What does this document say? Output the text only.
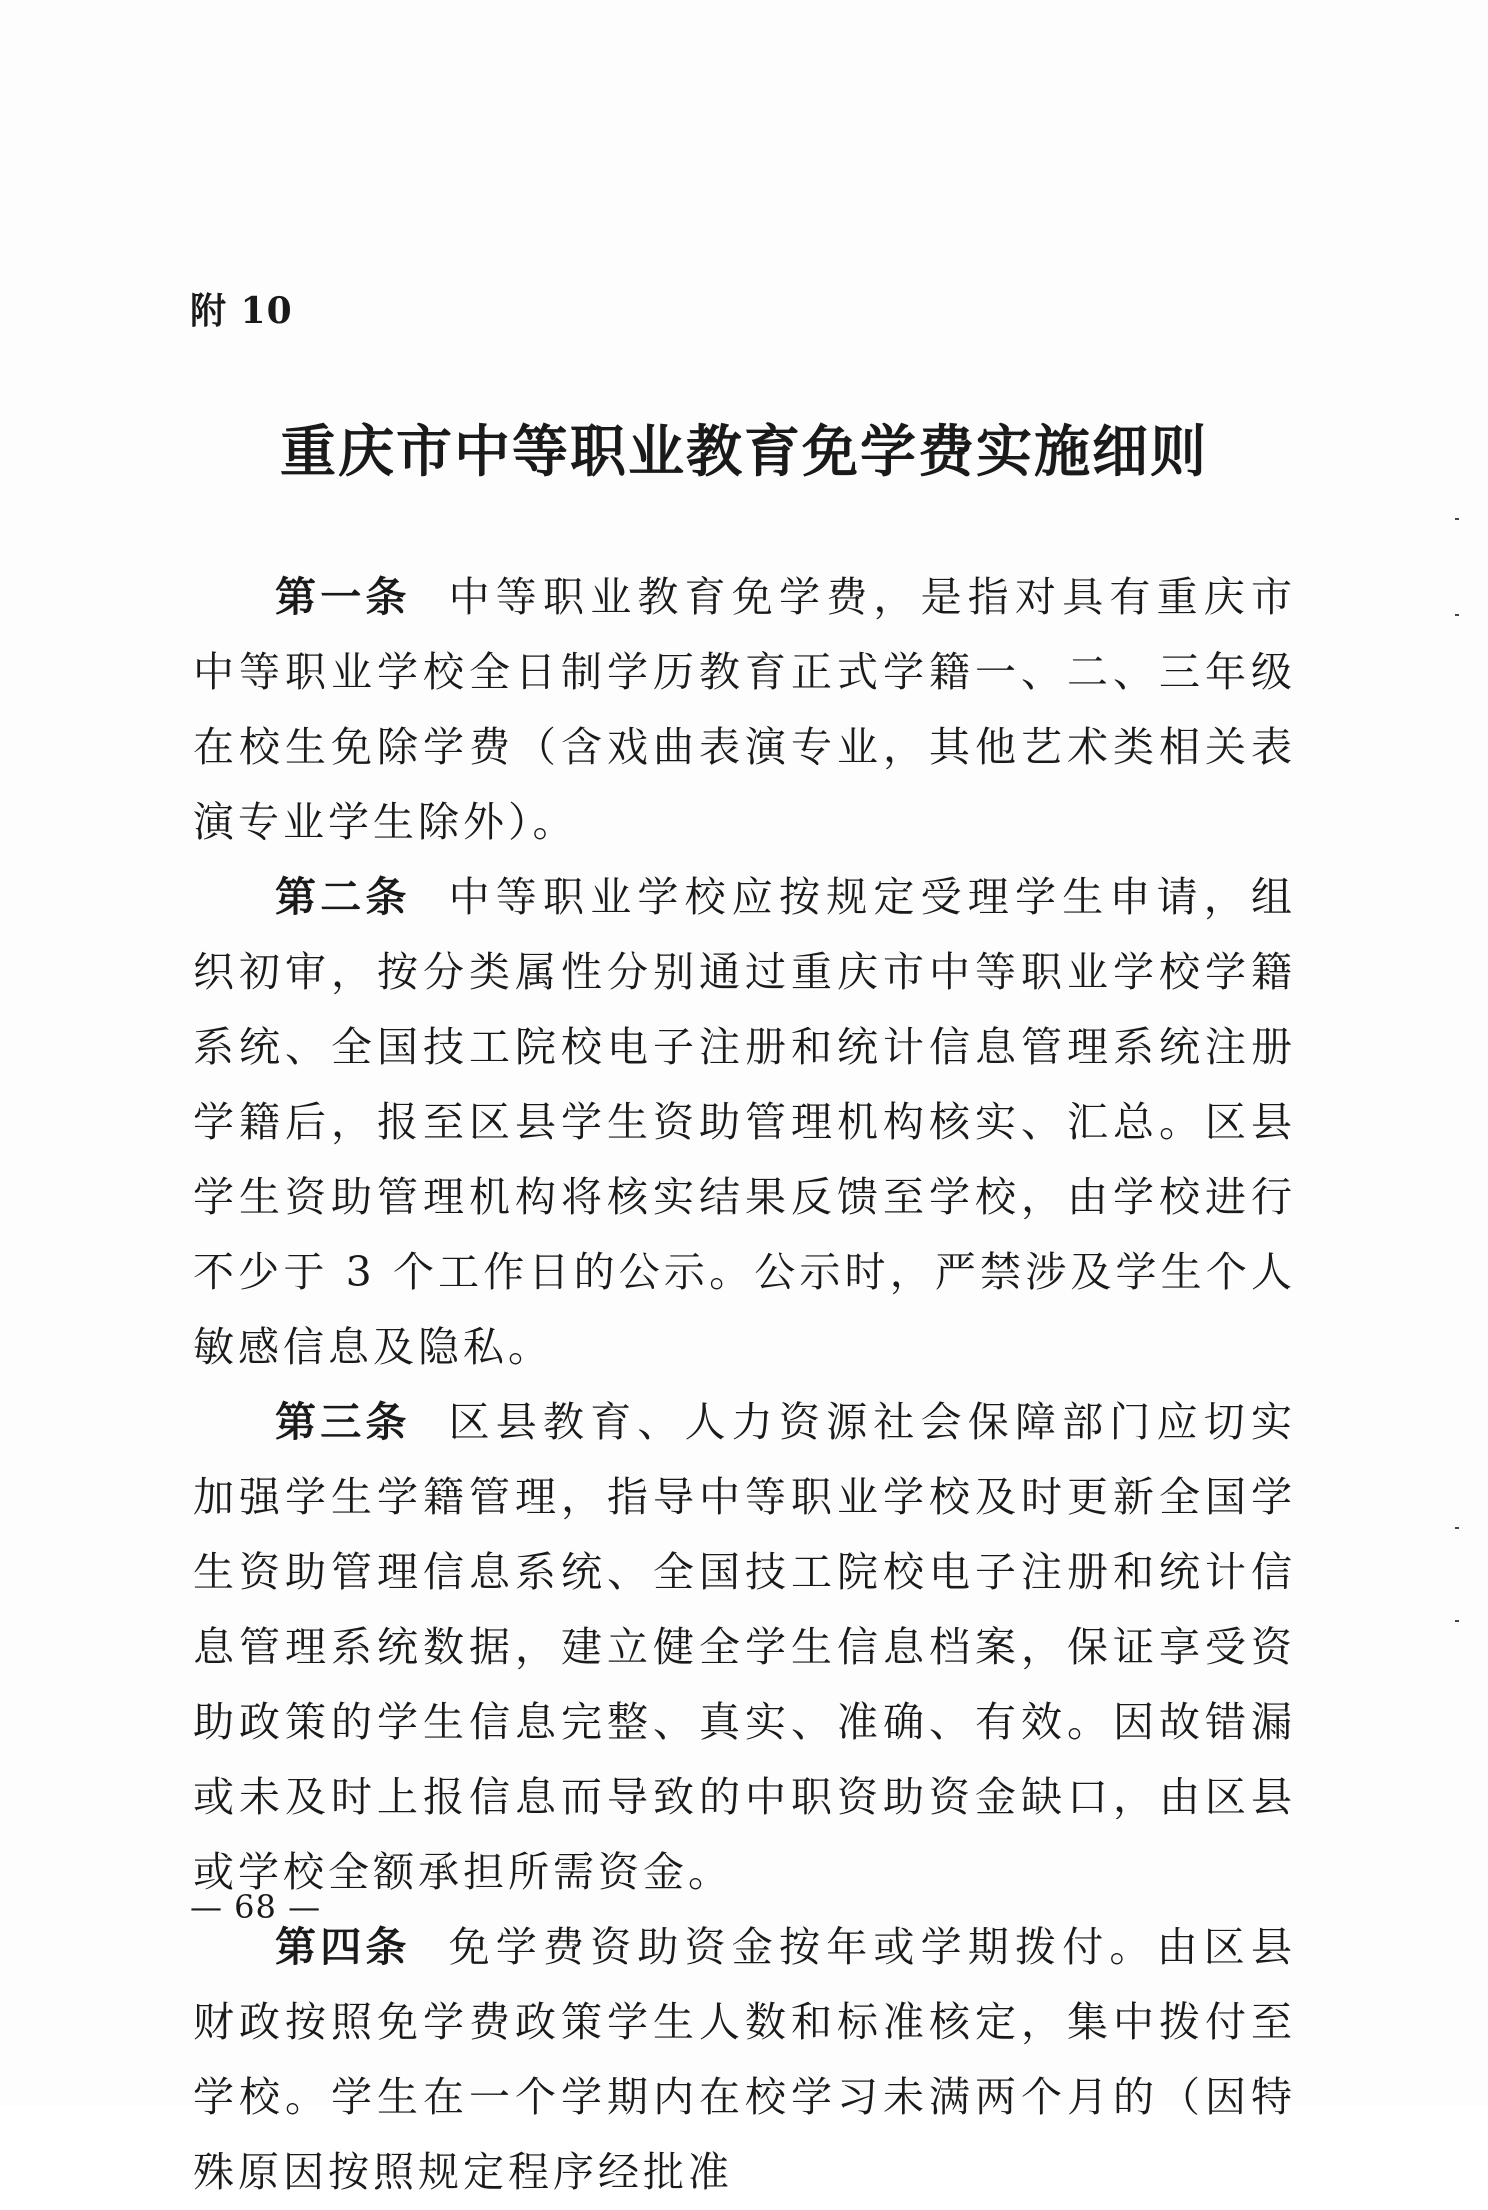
附 10
重庆市中等职业教育免学费实施细则

第一条 中等职业教育免学费，是指对具有重庆市中等职业学校全日制学历教育正式学籍一、二、三年级在校生免除学费（含戏曲表演专业，其他艺术类相关表演专业学生除外）。

第二条 中等职业学校应按规定受理学生申请，组织初审，按分类属性分别通过重庆市中等职业学校学籍系统、全国技工院校电子注册和统计信息管理系统注册学籍后，报至区县学生资助管理机构核实、汇总。区县学生资助管理机构将核实结果反馈至学校，由学校进行不少于 3 个工作日的公示。公示时，严禁涉及学生个人敏感信息及隐私。

第三条 区县教育、人力资源社会保障部门应切实加强学生学籍管理，指导中等职业学校及时更新全国学生资助管理信息系统、全国技工院校电子注册和统计信息管理系统数据，建立健全学生信息档案，保证享受资助政策的学生信息完整、真实、准确、有效。因故错漏或未及时上报信息而导致的中职资助资金缺口，由区县或学校全额承担所需资金。

第四条 免学费资助资金按年或学期拨付。由区县财政按照免学费政策学生人数和标准核定，集中拨付至学校。学生在一个学期内在校学习未满两个月的（因特殊原因按照规定程序经批准

— 68 —
